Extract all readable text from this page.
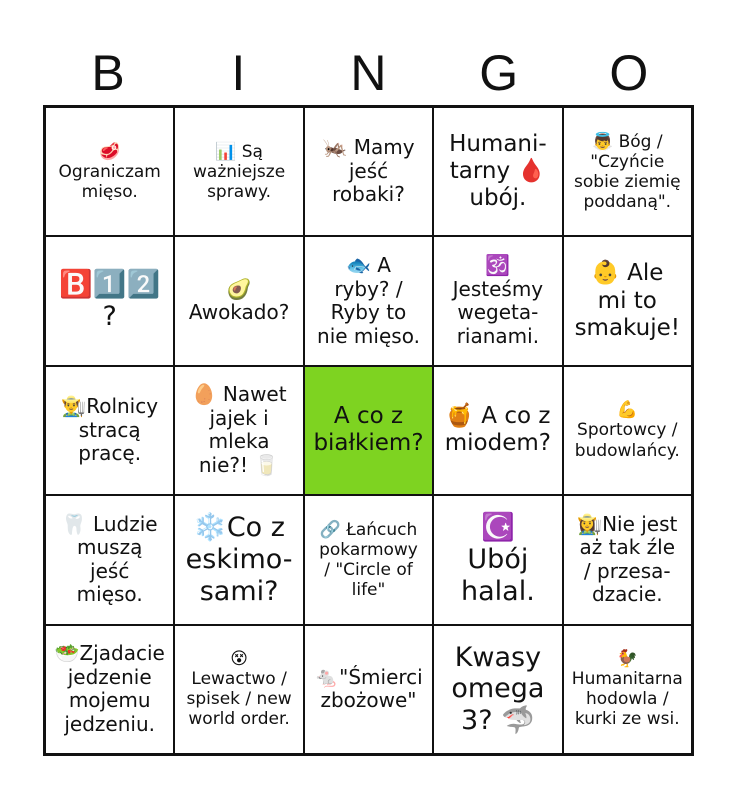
B	I	N	G	O
🥩
Ograniczam
mięso.
📊 Są
ważniejsze
sprawy.
🦗 Mamy
jeść
robaki?
Humani-
tarny 🩸
ubój.
👼 Bóg /
"Czyńcie
sobie ziemię
poddaną".
🅱️1️⃣2️⃣
?
🥑
Awokado?
🐟 A
ryby? /
Ryby to
nie mięso.
🕉️
Jesteśmy
wegeta-
rianami.
👶 Ale
mi to
smakuje!
👨‍🌾Rolnicy
stracą
pracę.
🥚 Nawet
jajek i
mleka
nie?! 🥛
A co z
białkiem?
🍯 A co z
miodem?
💪
Sportowcy /
budowlańcy.
🦷 Ludzie
muszą
jeść
mięso.
❄️Co z
eskimo-
sami?
🔗 Łańcuch
pokarmowy
/ "Circle of
life"
☪️
Ubój
halal.
👩‍🌾Nie jest
aż tak źle
/ przesa-
dzacie.
🥗Zjadacie
jedzenie
mojemu
jedzeniu.
😵
Lewactwo /
spisek / new
world order.
🐁"Śmierci
zbożowe"
Kwasy
omega
3? 🦈
🐓
Humanitarna
hodowla /
kurki ze wsi.
